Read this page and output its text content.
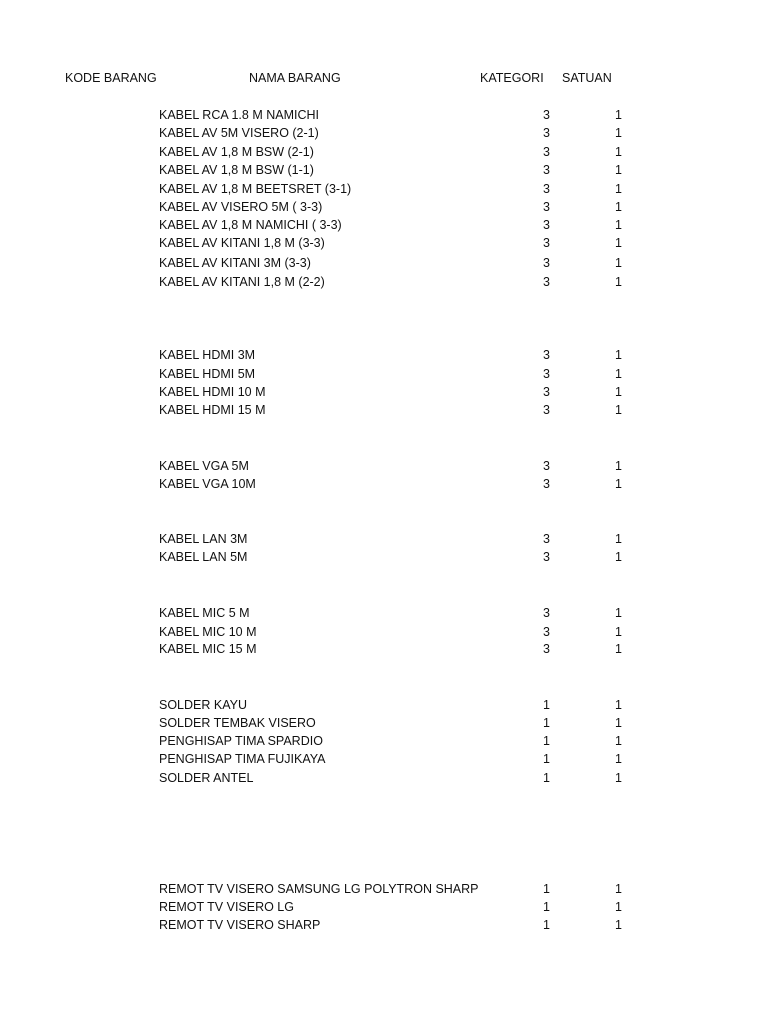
KODE BARANG	NAMA BARANG	KATEGORI SATUAN
KABEL RCA 1.8 M NAMICHI	3	1
KABEL AV 5M VISERO (2-1)	3	1
KABEL AV 1,8 M BSW (2-1)	3	1
KABEL AV 1,8 M BSW (1-1)	3	1
KABEL AV 1,8 M BEETSRET (3-1)	3	1
KABEL AV VISERO 5M ( 3-3)	3	1
KABEL AV 1,8 M NAMICHI ( 3-3)	3	1
KABEL AV KITANI 1,8 M (3-3)	3	1
KABEL AV KITANI 3M (3-3)	3	1
KABEL AV KITANI 1,8 M (2-2)	3	1
KABEL HDMI 3M	3	1
KABEL HDMI 5M	3	1
KABEL HDMI 10 M	3	1
KABEL HDMI 15 M	3	1
KABEL VGA 5M	3	1
KABEL VGA 10M	3	1
KABEL LAN 3M	3	1
KABEL LAN 5M	3	1
KABEL MIC 5 M	3	1
KABEL MIC 10 M	3	1
KABEL MIC 15 M	3	1
SOLDER KAYU	1	1
SOLDER TEMBAK VISERO	1	1
PENGHISAP TIMA SPARDIO	1	1
PENGHISAP TIMA FUJIKAYA	1	1
SOLDER ANTEL	1	1
REMOT TV VISERO SAMSUNG LG POLYTRON SHARP	1	1
REMOT TV VISERO LG	1	1
REMOT TV VISERO SHARP	1	1
